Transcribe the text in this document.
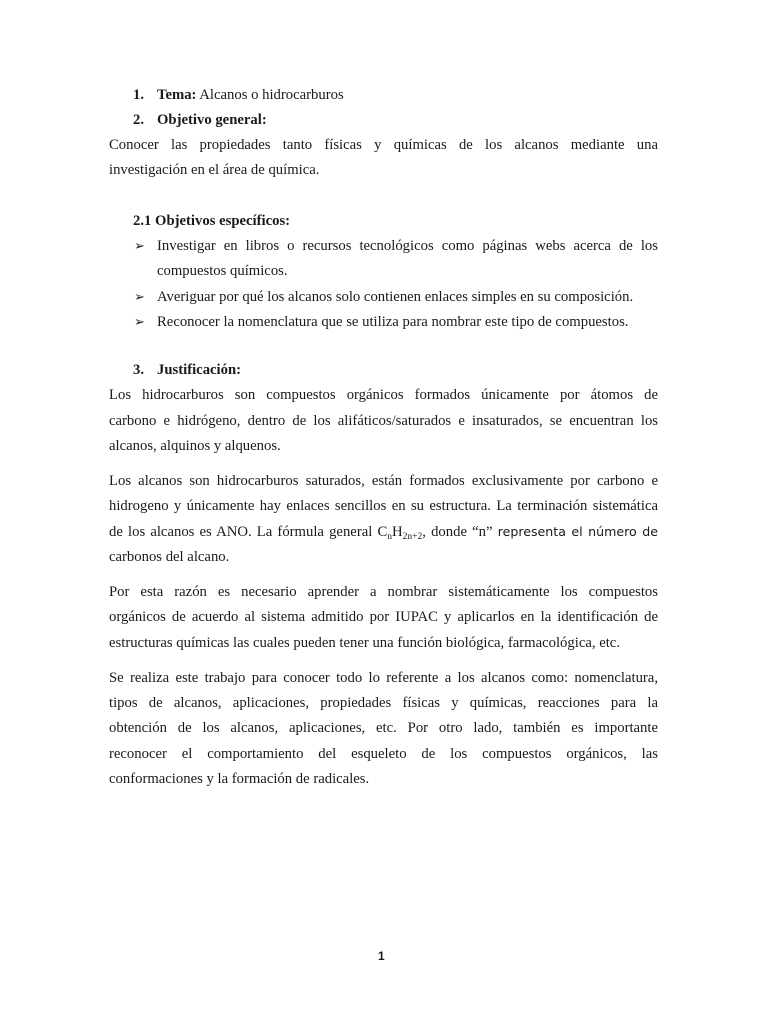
1. Tema: Alcanos o hidrocarburos
2. Objetivo general:
Conocer las propiedades tanto físicas y químicas de los alcanos mediante una
investigación en el área de química.
2.1 Objetivos específicos:
➢ Investigar en libros o recursos tecnológicos como páginas webs acerca de los
compuestos químicos.
➢ Averiguar por qué los alcanos solo contienen enlaces simples en su composición.
➢ Reconocer la nomenclatura que se utiliza para nombrar este tipo de compuestos.
3. Justificación:
Los hidrocarburos son compuestos orgánicos formados únicamente por átomos de
carbono e hidrógeno, dentro de los alifáticos/saturados e insaturados, se encuentran los
alcanos, alquinos y alquenos.
Los alcanos son hidrocarburos saturados, están formados exclusivamente por carbono e
hidrogeno y únicamente hay enlaces sencillos en su estructura. La terminación sistemática
de los alcanos es ANO. La fórmula general $C_nH_{2n+2}$, donde “n” representa el número de
carbonos del alcano.
Por esta razón es necesario aprender a nombrar sistemáticamente los compuestos
orgánicos de acuerdo al sistema admitido por IUPAC y aplicarlos en la identificación de
estructuras químicas las cuales pueden tener una función biológica, farmacológica, etc.
Se realiza este trabajo para conocer todo lo referente a los alcanos como: nomenclatura,
tipos de alcanos, aplicaciones, propiedades físicas y químicas, reacciones para la
obtención de los alcanos, aplicaciones, etc. Por otro lado, también es importante
reconocer el comportamiento del esqueleto de los compuestos orgánicos, las
conformaciones y la formación de radicales.
1
